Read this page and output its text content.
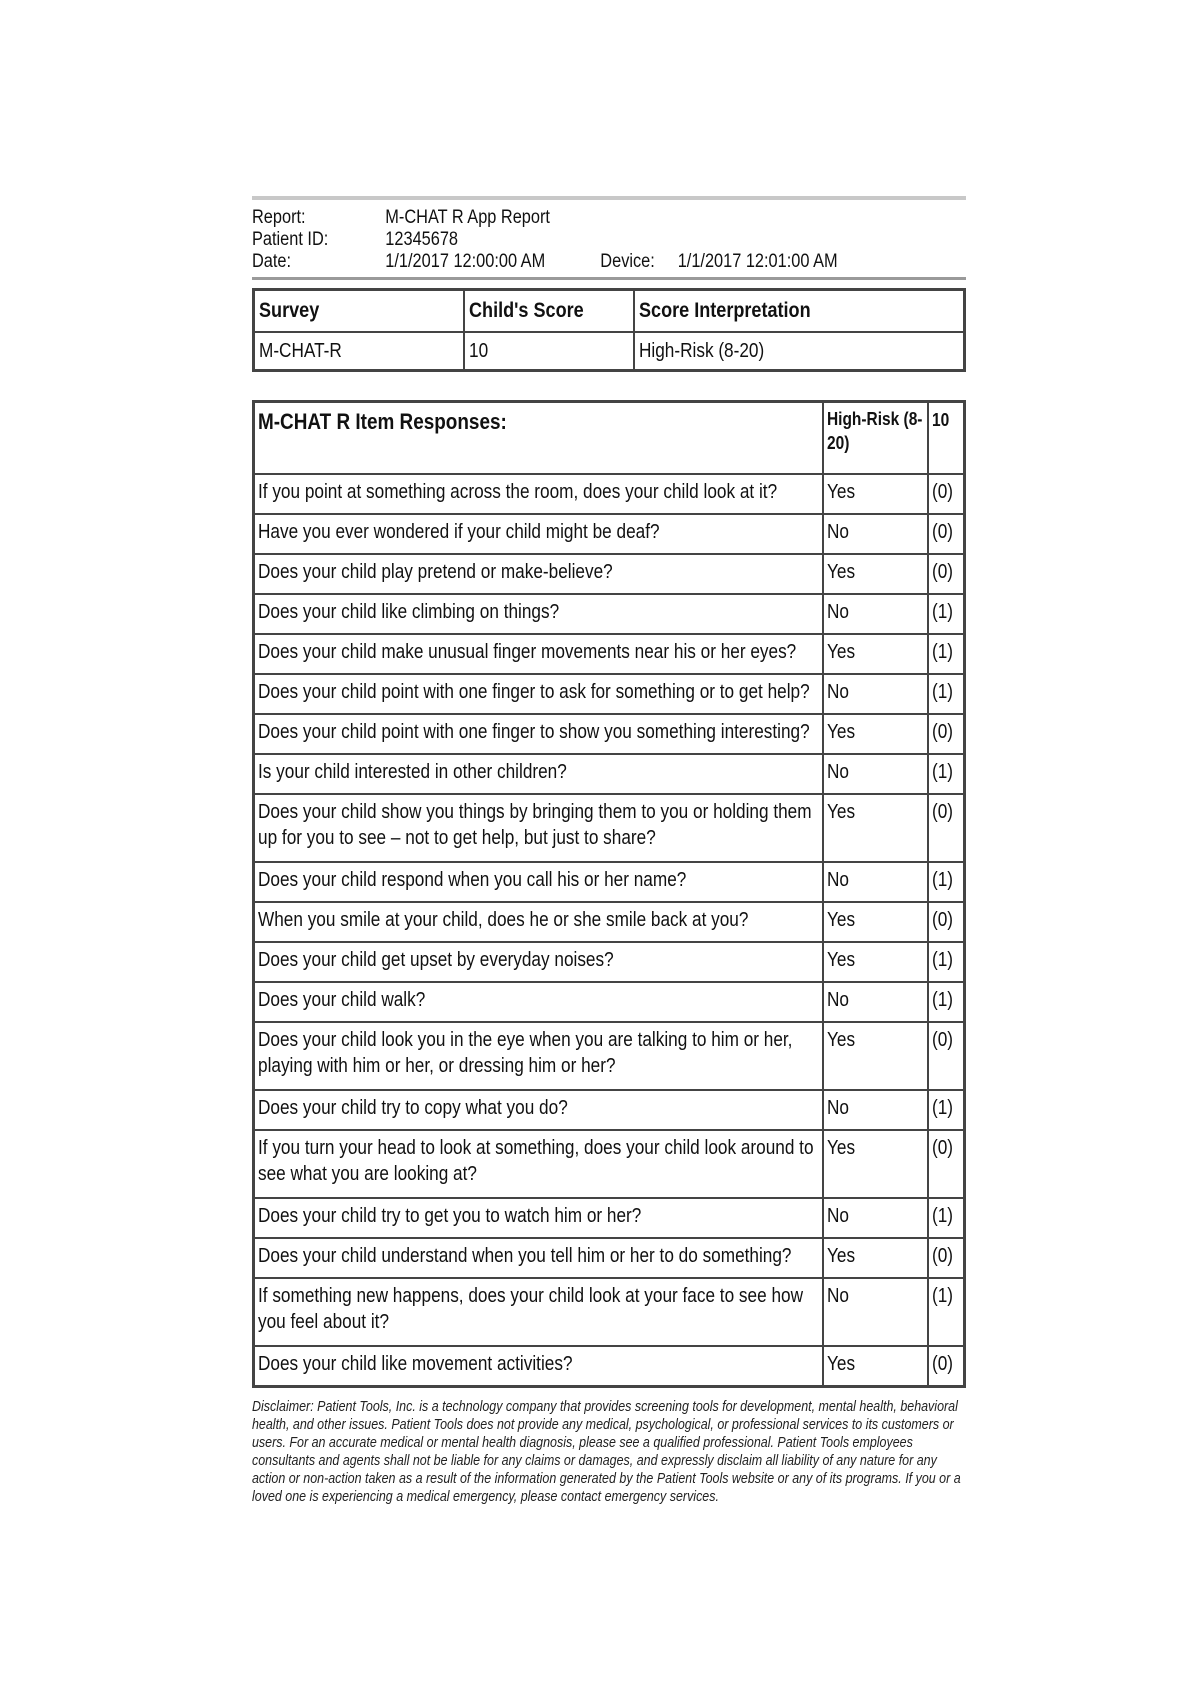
Report:	M-CHAT R App Report
Patient ID:	12345678
Date:	1/1/2017 12:00:00 AM	Device:	1/1/2017 12:01:00 AM
Survey	Child's Score	Score Interpretation
M-CHAT-R	10	High-Risk (8-20)
M-CHAT R Item Responses:	High-Risk (8-20)	10

If you point at something across the room, does your child look at it?	Yes	(0)

Have you ever wondered if your child might be deaf?	No	(0)

Does your child play pretend or make-believe?	Yes	(0)

Does your child like climbing on things?	No	(1)

Does your child make unusual finger movements near his or her eyes?	Yes	(1)

Does your child point with one finger to ask for something or to get help?	No	(1)

Does your child point with one finger to show you something interesting?	Yes	(0)

Is your child interested in other children?	No	(1)

Does your child show you things by bringing them to you or holding them up for you to see – not to get help, but just to share?	Yes	(0)

Does your child respond when you call his or her name?	No	(1)

When you smile at your child, does he or she smile back at you?	Yes	(0)

Does your child get upset by everyday noises?	Yes	(1)

Does your child walk?	No	(1)

Does your child look you in the eye when you are talking to him or her, playing with him or her, or dressing him or her?	Yes	(0)

Does your child try to copy what you do?	No	(1)

If you turn your head to look at something, does your child look around to see what you are looking at?	Yes	(0)

Does your child try to get you to watch him or her?	No	(1)

Does your child understand when you tell him or her to do something?	Yes	(0)

If something new happens, does your child look at your face to see how you feel about it?	No	(1)

Does your child like movement activities?	Yes	(0)
Disclaimer: Patient Tools, Inc. is a technology company that provides screening tools for development, mental health, behavioral health, and other issues. Patient Tools does not provide any medical, psychological, or professional services to its customers or users. For an accurate medical or mental health diagnosis, please see a qualified professional. Patient Tools employees consultants and agents shall not be liable for any claims or damages, and expressly disclaim all liability of any nature for any action or non-action taken as a result of the information generated by the Patient Tools website or any of its programs. If you or a loved one is experiencing a medical emergency, please contact emergency services.
